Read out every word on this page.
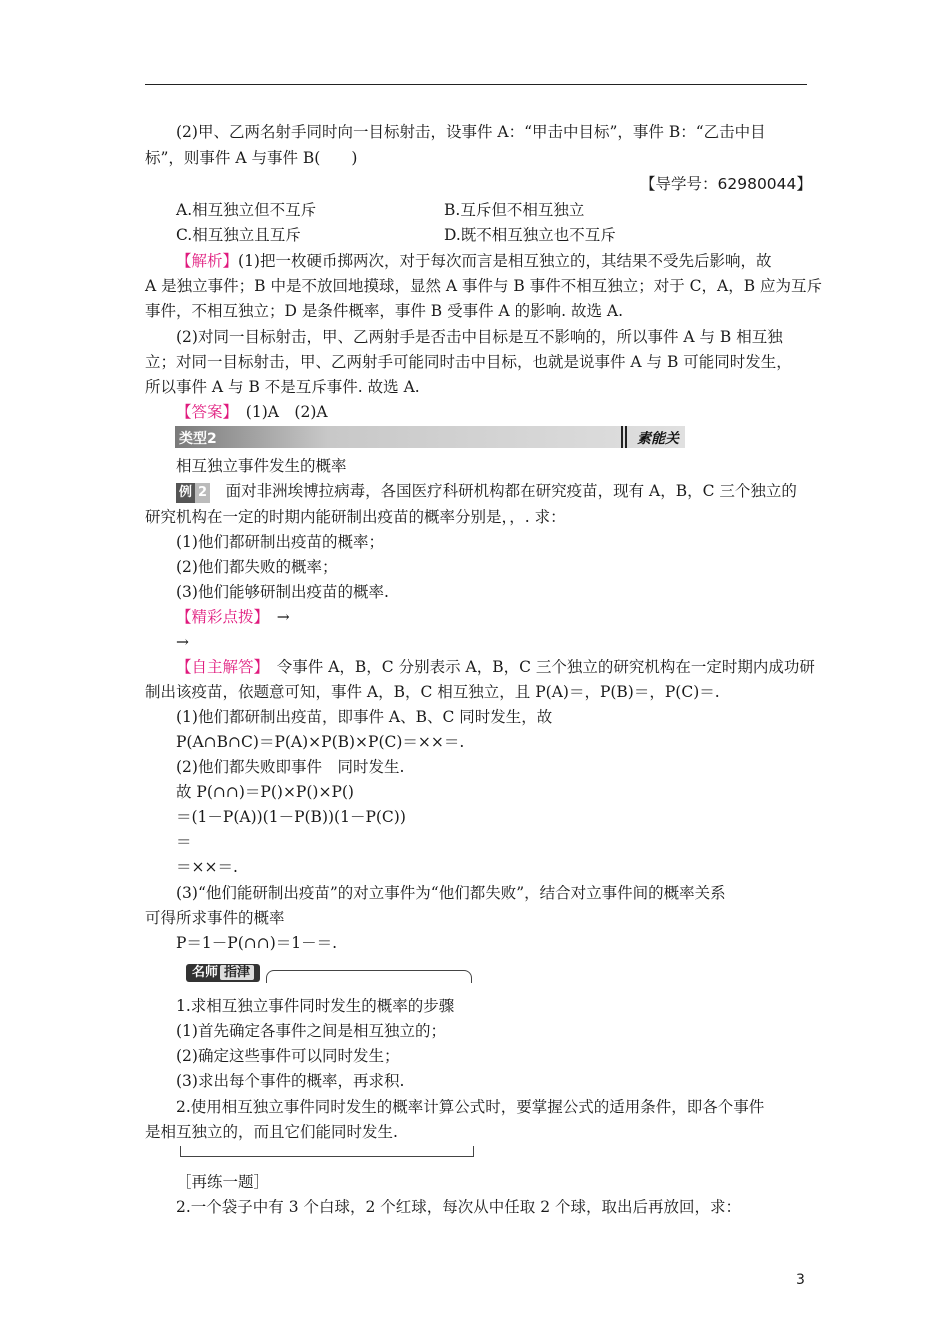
(2)甲、乙两名射手同时向一目标射击，设事件 A：“甲击中目标”，事件 B：“乙击中目
标”，则事件 A 与事件 B(　　)
【导学号：62980044】
A.相互独立但不互斥	B.互斥但不相互独立
C.相互独立且互斥	D.既不相互独立也不互斥
【解析】(1)把一枚硬币掷两次，对于每次而言是相互独立的，其结果不受先后影响，故
A 是独立事件；B 中是不放回地摸球，显然 A 事件与 B 事件不相互独立；对于 C，A，B 应为互斥
事件，不相互独立；D 是条件概率，事件 B 受事件 A 的影响. 故选 A.
(2)对同一目标射击，甲、乙两射手是否击中目标是互不影响的，所以事件 A 与 B 相互独
立；对同一目标射击，甲、乙两射手可能同时击中目标，也就是说事件 A 与 B 可能同时发生，
所以事件 A 与 B 不是互斥事件. 故选 A.
【答案】　 (1)A　(2)A
类型2	素能关
相互独立事件发生的概率
例 2　 面对非洲埃博拉病毒，各国医疗科研机构都在研究疫苗，现有 A，B，C 三个独立的
研究机构在一定的时期内能研制出疫苗的概率分别是，，. 求：
(1)他们都研制出疫苗的概率；
(2)他们都失败的概率；
(3)他们能够研制出疫苗的概率.
【精彩点拨】　 →
→
【自主解答】　 令事件 A，B，C 分别表示 A，B，C 三个独立的研究机构在一定时期内成功研
制出该疫苗，依题意可知，事件 A，B，C 相互独立，且 P(A)＝，P(B)＝，P(C)＝.
(1)他们都研制出疫苗，即事件 A、B、C 同时发生，故
P(A∩B∩C)＝P(A)×P(B)×P(C)＝××＝.
(2)他们都失败即事件　同时发生.
故 P(∩∩)＝P()×P()×P()
＝(1－P(A))(1－P(B))(1－P(C))
＝
＝××＝.
(3)“他们能研制出疫苗”的对立事件为“他们都失败”，结合对立事件间的概率关系
可得所求事件的概率
P＝1－P(∩∩)＝1－＝.
名师 指津
1.求相互独立事件同时发生的概率的步骤
(1)首先确定各事件之间是相互独立的；
(2)确定这些事件可以同时发生；
(3)求出每个事件的概率，再求积.
2.使用相互独立事件同时发生的概率计算公式时，要掌握公式的适用条件，即各个事件
是相互独立的，而且它们能同时发生.
［再练一题］
2.一个袋子中有 3 个白球，2 个红球，每次从中任取 2 个球，取出后再放回，求：
3
